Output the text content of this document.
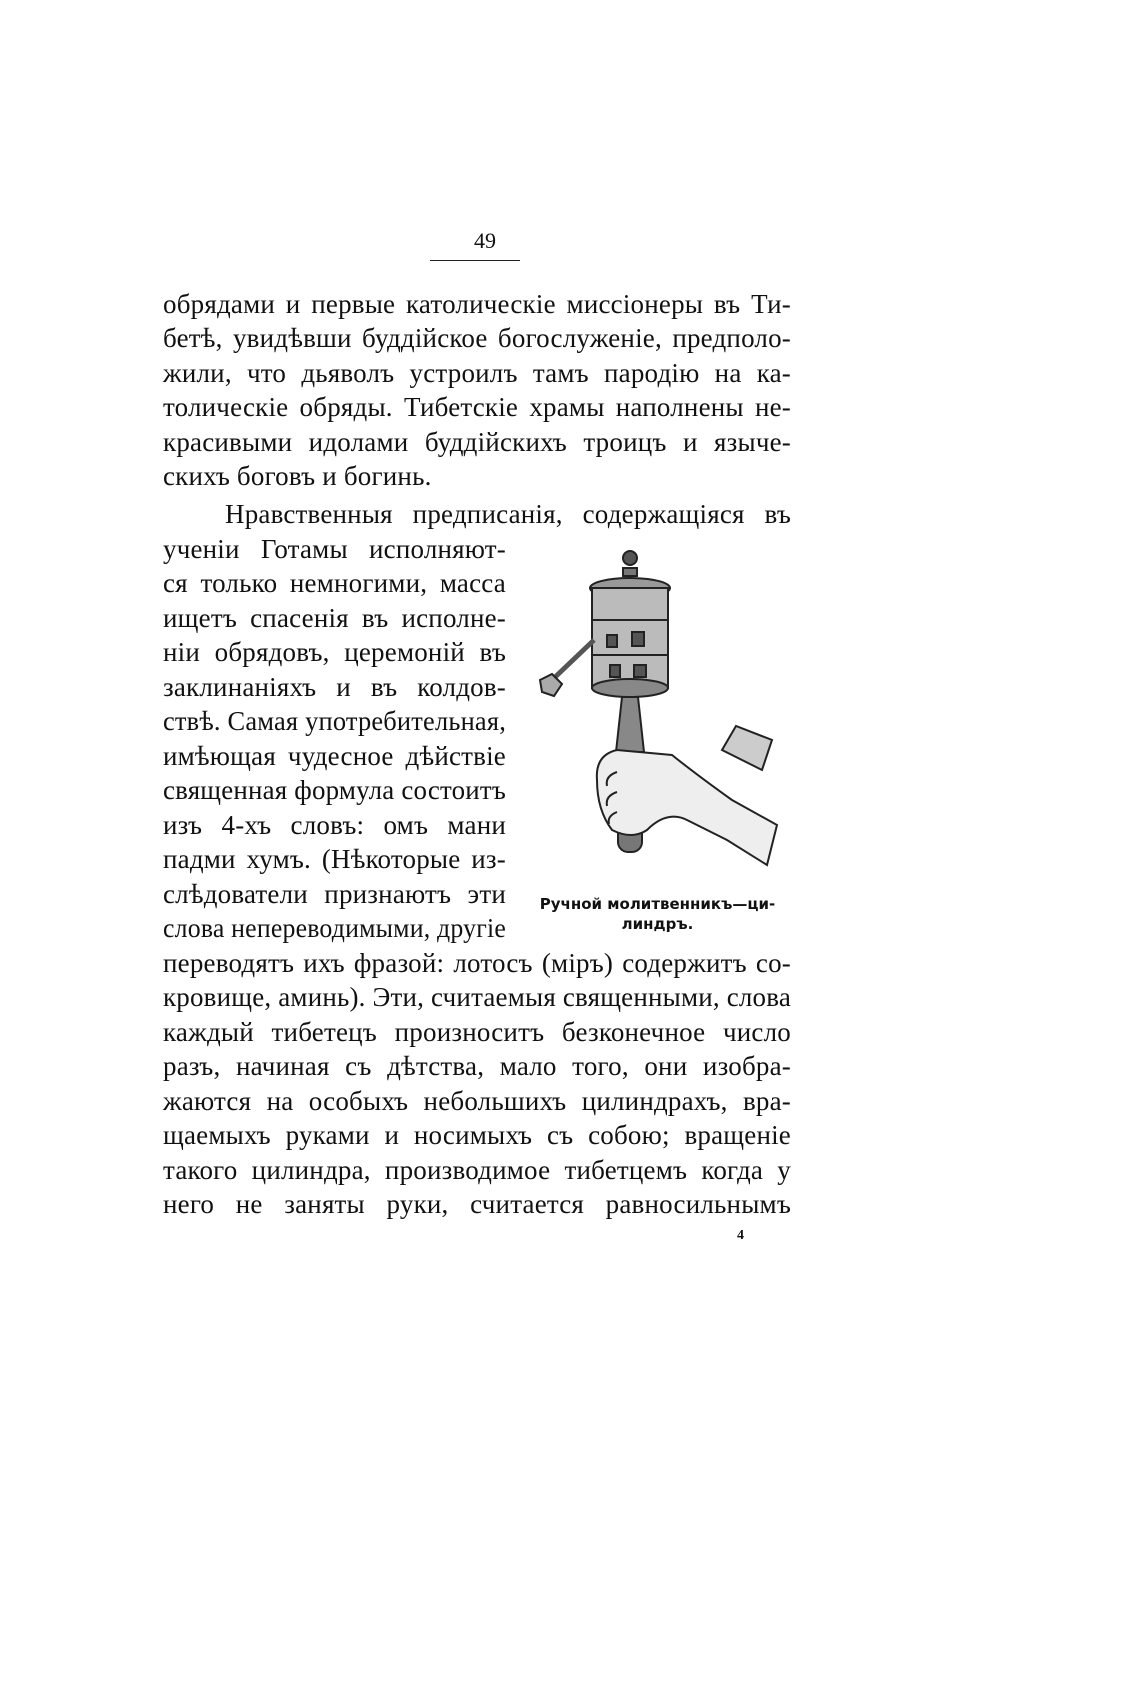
49
обрядами и первые католическіе миссіонеры въ Ти-
бетѣ, увидѣвши буддійское богослуженіе, предполо-
жили, что дьяволъ устроилъ тамъ пародію на ка-
толическіе обряды. Тибетскіе храмы наполнены не-
красивыми идолами буддійскихъ троицъ и языче-
скихъ боговъ и богинь.
Нравственныя предписанія, содержащіяся въ
ученіи Готамы исполняют-
ся только немногими, масса
ищетъ спасенія въ исполне-
ніи обрядовъ, церемоній въ
заклинаніяхъ и въ колдов-
ствѣ. Самая употребительная,
имѣющая чудесное дѣйствіе
священная формула состоитъ
изъ 4-хъ словъ: омъ мани
падми хумъ. (Нѣкоторые из-
слѣдователи признаютъ эти
слова непереводимыми, другіе
переводятъ ихъ фразой: лотосъ (міръ) содержитъ со-
кровище, аминь). Эти, считаемыя священными, слова
каждый тибетецъ произноситъ безконечное число
разъ, начиная съ дѣтства, мало того, они изобра-
жаются на особыхъ небольшихъ цилиндрахъ, вра-
щаемыхъ руками и носимыхъ съ собою; вращеніе
такого цилиндра, производимое тибетцемъ когда у
него не заняты руки, считается равносильнымъ
Ручной молитвенникъ—ци-
линдръ.
4
